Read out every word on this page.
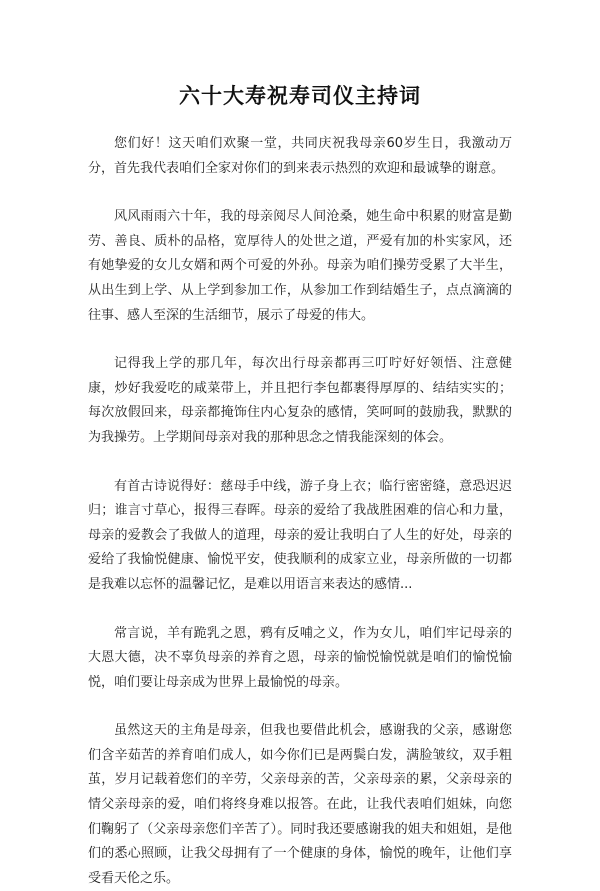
六十大寿祝寿司仪主持词

您们好！这天咱们欢聚一堂，共同庆祝我母亲60岁生日，我激动万分，首先我代表咱们全家对你们的到来表示热烈的欢迎和最诚挚的谢意。

风风雨雨六十年，我的母亲阅尽人间沧桑，她生命中积累的财富是勤劳、善良、质朴的品格，宽厚待人的处世之道，严爱有加的朴实家风，还有她挚爱的女儿女婿和两个可爱的外孙。母亲为咱们操劳受累了大半生，从出生到上学、从上学到参加工作，从参加工作到结婚生子，点点滴滴的往事、感人至深的生活细节，展示了母爱的伟大。

记得我上学的那几年，每次出行母亲都再三叮咛好好领悟、注意健康，炒好我爱吃的咸菜带上，并且把行李包都裹得厚厚的、结结实实的；每次放假回来，母亲都掩饰住内心复杂的感情，笑呵呵的鼓励我，默默的为我操劳。上学期间母亲对我的那种思念之情我能深刻的体会。

有首古诗说得好：慈母手中线，游子身上衣；临行密密缝，意恐迟迟归；谁言寸草心，报得三春晖。母亲的爱给了我战胜困难的信心和力量，母亲的爱教会了我做人的道理，母亲的爱让我明白了人生的好处，母亲的爱给了我愉悦健康、愉悦平安，使我顺利的成家立业，母亲所做的一切都是我难以忘怀的温馨记忆，是难以用语言来表达的感情...

常言说，羊有跪乳之恩，鸦有反哺之义，作为女儿，咱们牢记母亲的大恩大德，决不辜负母亲的养育之恩，母亲的愉悦愉悦就是咱们的愉悦愉悦，咱们要让母亲成为世界上最愉悦的母亲。

虽然这天的主角是母亲，但我也要借此机会，感谢我的父亲，感谢您们含辛茹苦的养育咱们成人，如今你们已是两鬓白发，满脸皱纹，双手粗茧，岁月记载着您们的辛劳，父亲母亲的苦，父亲母亲的累，父亲母亲的情父亲母亲的爱，咱们将终身难以报答。在此，让我代表咱们姐妹，向您们鞠躬了（父亲母亲您们辛苦了）。同时我还要感谢我的姐夫和姐姐，是他们的悉心照顾，让我父母拥有了一个健康的身体，愉悦的晚年，让他们享受看天伦之乐。
